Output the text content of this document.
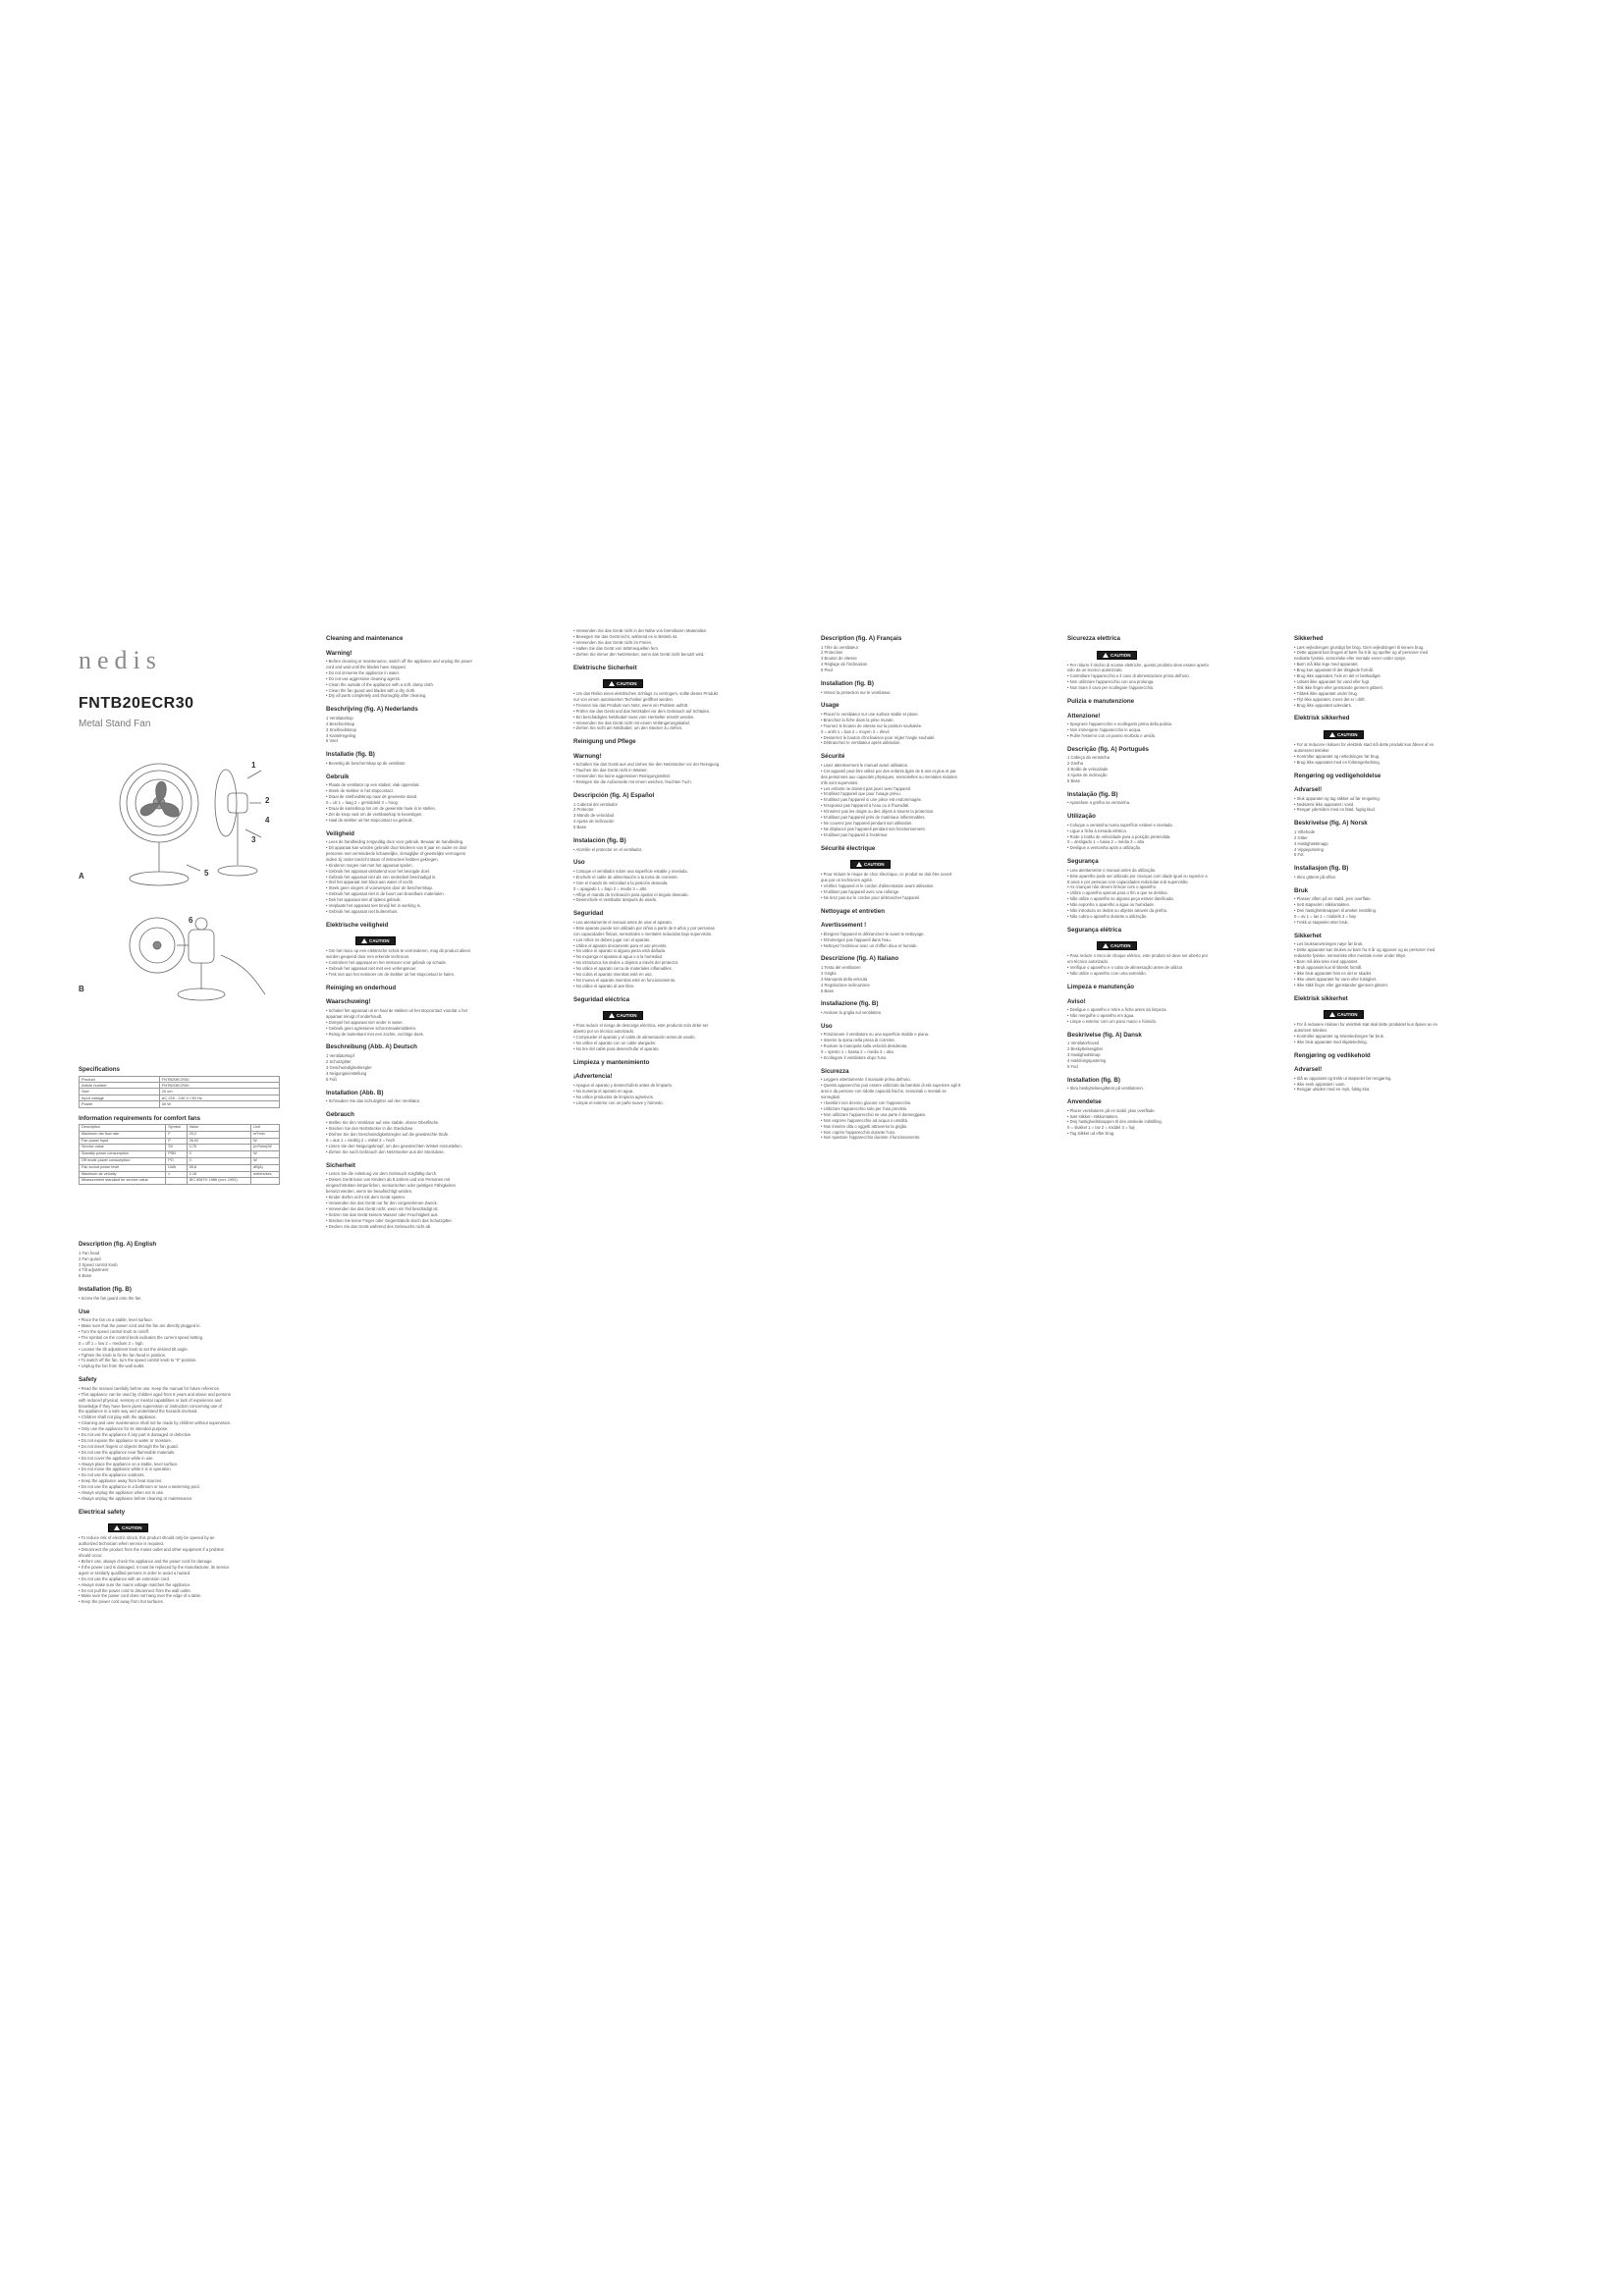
nedis
FNTB20ECR30
Metal Stand Fan
1
2
3
4
5
6
A
B
Specifications
Product	FNTB20ECR30
Article number	FNTB20ECR30
Size	20 cm
Input voltage	AC 220 - 240 V / 50 Hz
Power	30 W
Information requirements for comfort fans
Description	Symbol	Value	Unit
Maximum fan flow rate	F	20,2	m³/min
Fan power input	P	26,92	W
Service value	SV	0,75	(m³/min)/W
Standby power consumption	PSB	0	W
Off mode power consumption	PO	0	W
Fan sound power level	LWA	55,8	dB(A)
Maximum air velocity	c	2,18	meters/sec
Measurement standard for service value		IEC 60879: 1986 (corr. 1992)	
Description (fig. A) English

1 Fan head

2 Fan guard

3 Speed control knob

4 Tilt adjustment

5 Base

Installation (fig. B)

• Screw the fan guard onto the fan.

Use

• Place the fan on a stable, level surface.

• Make sure that the power cord and the fan are directly plugged in.

• Turn the speed control knob to on/off.

• The symbol on the control knob indicates the current speed setting.

0 = off 1 = low 2 = medium 3 = high

• Loosen the tilt adjustment knob to set the desired tilt angle.

• Tighten the knob to fix the fan head in position.

• To switch off the fan, turn the speed control knob to "0" position.

• Unplug the fan from the wall outlet.

Safety

• Read the manual carefully before use. Keep the manual for future reference.

• This appliance can be used by children aged from 8 years and above and persons

with reduced physical, sensory or mental capabilities or lack of experience and

knowledge if they have been given supervision or instruction concerning use of

the appliance in a safe way and understand the hazards involved.

• Children shall not play with the appliance.

• Cleaning and user maintenance shall not be made by children without supervision.

• Only use the appliance for its intended purpose.

• Do not use the appliance if any part is damaged or defective.

• Do not expose the appliance to water or moisture.

• Do not insert fingers or objects through the fan guard.

• Do not use the appliance near flammable materials.

• Do not cover the appliance while in use.

• Always place the appliance on a stable, level surface.

• Do not move the appliance while it is in operation.

• Do not use the appliance outdoors.

• Keep the appliance away from heat sources.

• Do not use the appliance in a bathroom or near a swimming pool.

• Always unplug the appliance when not in use.

• Always unplug the appliance before cleaning or maintenance.

Electrical safety
CAUTION

• To reduce risk of electric shock, this product should only be opened by an

authorized technician when service is required.

• Disconnect the product from the mains outlet and other equipment if a problem

should occur.

• Before use, always check the appliance and the power cord for damage.

• If the power cord is damaged, it must be replaced by the manufacturer, its service

agent or similarly qualified persons in order to avoid a hazard.

• Do not use the appliance with an extension cord.

• Always make sure the mains voltage matches the appliance.

• Do not pull the power cord to disconnect from the wall outlet.

• Make sure the power cord does not hang over the edge of a table.

• Keep the power cord away from hot surfaces.

Cleaning and maintenance
Warning!

• Before cleaning or maintenance, switch off the appliance and unplug the power

cord and wait until the blades have stopped.

• Do not immerse the appliance in water.

• Do not use aggressive cleaning agents.

• Clean the outside of the appliance with a soft, damp cloth.

• Clean the fan guard and blades with a dry cloth.

• Dry all parts completely and thoroughly after cleaning.

Beschrijving (fig. A) Nederlands

1 Ventilatorkop

2 Beschermkap

3 Snelheidsknop

4 Kantelregeling

5 Voet

Installatie (fig. B)

• Bevestig de beschermkap op de ventilator.

Gebruik

• Plaats de ventilator op een stabiel, vlak oppervlak.

• Steek de stekker in het stopcontact.

• Draai de snelheidsknop naar de gewenste stand.

0 = uit 1 = laag 2 = gemiddeld 3 = hoog

• Draai de kantelknop los om de gewenste hoek in te stellen.

• Zet de knop vast om de ventilatorkop te bevestigen.

• Haal de stekker uit het stopcontact na gebruik.

Veiligheid

• Lees de handleiding zorgvuldig door voor gebruik. Bewaar de handleiding.

• Dit apparaat kan worden gebruikt door kinderen van 8 jaar en ouder en door

personen met verminderde lichamelijke, zintuiglijke of geestelijke vermogens

indien zij onder toezicht staan of instructies hebben gekregen.

• Kinderen mogen niet met het apparaat spelen.

• Gebruik het apparaat uitsluitend voor het beoogde doel.

• Gebruik het apparaat niet als een onderdeel beschadigd is.

• Stel het apparaat niet bloot aan water of vocht.

• Steek geen vingers of voorwerpen door de beschermkap.

• Gebruik het apparaat niet in de buurt van brandbare materialen.

• Dek het apparaat niet af tijdens gebruik.

• Verplaats het apparaat niet terwijl het in werking is.

• Gebruik het apparaat niet buitenshuis.

Elektrische veiligheid
CAUTION

• Om het risico op een elektrische schok te verminderen, mag dit product alleen

worden geopend door een erkende technicus.

• Controleer het apparaat en het netsnoer voor gebruik op schade.

• Gebruik het apparaat niet met een verlengsnoer.

• Trek niet aan het netsnoer om de stekker uit het stopcontact te halen.

Reiniging en onderhoud
Waarschuwing!

• Schakel het apparaat uit en haal de stekker uit het stopcontact voordat u het

apparaat reinigt of onderhoudt.

• Dompel het apparaat niet onder in water.

• Gebruik geen agressieve schoonmaakmiddelen.

• Reinig de buitenkant met een zachte, vochtige doek.

Beschreibung (Abb. A) Deutsch

1 Ventilatorkopf

2 Schutzgitter

3 Geschwindigkeitsregler

4 Neigungseinstellung

5 Fuß

Installation (Abb. B)

• Schrauben Sie das Schutzgitter auf den Ventilator.

Gebrauch

• Stellen Sie den Ventilator auf eine stabile, ebene Oberfläche.

• Stecken Sie den Netzstecker in die Steckdose.

• Drehen Sie den Geschwindigkeitsregler auf die gewünschte Stufe.

0 = aus 1 = niedrig 2 = mittel 3 = hoch

• Lösen Sie den Neigungsknopf, um den gewünschten Winkel einzustellen.

• Ziehen Sie nach Gebrauch den Netzstecker aus der Steckdose.

Sicherheit

• Lesen Sie die Anleitung vor dem Gebrauch sorgfältig durch.

• Dieses Gerät kann von Kindern ab 8 Jahren und von Personen mit

eingeschränkten körperlichen, sensorischen oder geistigen Fähigkeiten

benutzt werden, wenn sie beaufsichtigt werden.

• Kinder dürfen nicht mit dem Gerät spielen.

• Verwenden Sie das Gerät nur für den vorgesehenen Zweck.

• Verwenden Sie das Gerät nicht, wenn ein Teil beschädigt ist.

• Setzen Sie das Gerät keinem Wasser oder Feuchtigkeit aus.

• Stecken Sie keine Finger oder Gegenstände durch das Schutzgitter.

• Decken Sie das Gerät während des Gebrauchs nicht ab.

• Verwenden Sie das Gerät nicht in der Nähe von brennbaren Materialien.

• Bewegen Sie das Gerät nicht, während es in Betrieb ist.

• Verwenden Sie das Gerät nicht im Freien.

• Halten Sie das Gerät von Wärmequellen fern.

• Ziehen Sie immer den Netzstecker, wenn das Gerät nicht benutzt wird.

Elektrische Sicherheit
CAUTION

• Um das Risiko eines elektrischen Schlags zu verringern, sollte dieses Produkt

nur von einem autorisierten Techniker geöffnet werden.

• Trennen Sie das Produkt vom Netz, wenn ein Problem auftritt.

• Prüfen Sie das Gerät und das Netzkabel vor dem Gebrauch auf Schäden.

• Ein beschädigtes Netzkabel muss vom Hersteller ersetzt werden.

• Verwenden Sie das Gerät nicht mit einem Verlängerungskabel.

• Ziehen Sie nicht am Netzkabel, um den Stecker zu ziehen.

Reinigung und Pflege
Warnung!

• Schalten Sie das Gerät aus und ziehen Sie den Netzstecker vor der Reinigung.

• Tauchen Sie das Gerät nicht in Wasser.

• Verwenden Sie keine aggressiven Reinigungsmittel.

• Reinigen Sie die Außenseite mit einem weichen, feuchten Tuch.

Descripción (fig. A) Español

1 Cabezal del ventilador

2 Protector

3 Mando de velocidad

4 Ajuste de inclinación

5 Base

Instalación (fig. B)

• Atornille el protector en el ventilador.

Uso

• Coloque el ventilador sobre una superficie estable y nivelada.

• Enchufe el cable de alimentación a la toma de corriente.

• Gire el mando de velocidad a la posición deseada.

0 = apagado 1 = bajo 2 = medio 3 = alto

• Afloje el mando de inclinación para ajustar el ángulo deseado.

• Desenchufe el ventilador después de usarlo.

Seguridad

• Lea atentamente el manual antes de usar el aparato.

• Este aparato puede ser utilizado por niños a partir de 8 años y por personas

con capacidades físicas, sensoriales o mentales reducidas bajo supervisión.

• Los niños no deben jugar con el aparato.

• Utilice el aparato únicamente para el uso previsto.

• No utilice el aparato si alguna pieza está dañada.

• No exponga el aparato al agua o a la humedad.

• No introduzca los dedos u objetos a través del protector.

• No utilice el aparato cerca de materiales inflamables.

• No cubra el aparato mientras esté en uso.

• No mueva el aparato mientras esté en funcionamiento.

• No utilice el aparato al aire libre.

Seguridad eléctrica
CAUTION

• Para reducir el riesgo de descarga eléctrica, este producto solo debe ser

abierto por un técnico autorizado.

• Compruebe el aparato y el cable de alimentación antes de usarlo.

• No utilice el aparato con un cable alargador.

• No tire del cable para desenchufar el aparato.

Limpieza y mantenimiento
¡Advertencia!

• Apague el aparato y desenchúfelo antes de limpiarlo.

• No sumerja el aparato en agua.

• No utilice productos de limpieza agresivos.

• Limpie el exterior con un paño suave y húmedo.

Description (fig. A) Français

1 Tête du ventilateur

2 Protection

3 Bouton de vitesse

4 Réglage de l'inclinaison

5 Pied

Installation (fig. B)

• Vissez la protection sur le ventilateur.

Usage

• Placez le ventilateur sur une surface stable et plane.

• Branchez la fiche dans la prise murale.

• Tournez le bouton de vitesse sur la position souhaitée.

0 = arrêt 1 = bas 2 = moyen 3 = élevé

• Desserrez le bouton d'inclinaison pour régler l'angle souhaité.

• Débranchez le ventilateur après utilisation.

Sécurité

• Lisez attentivement le manuel avant utilisation.

• Cet appareil peut être utilisé par des enfants âgés de 8 ans et plus et par

des personnes aux capacités physiques, sensorielles ou mentales réduites

s'ils sont supervisés.

• Les enfants ne doivent pas jouer avec l'appareil.

• N'utilisez l'appareil que pour l'usage prévu.

• N'utilisez pas l'appareil si une pièce est endommagée.

• N'exposez pas l'appareil à l'eau ou à l'humidité.

• N'insérez pas les doigts ou des objets à travers la protection.

• N'utilisez pas l'appareil près de matériaux inflammables.

• Ne couvrez pas l'appareil pendant son utilisation.

• Ne déplacez pas l'appareil pendant son fonctionnement.

• N'utilisez pas l'appareil à l'extérieur.

Sécurité électrique
CAUTION

• Pour réduire le risque de choc électrique, ce produit ne doit être ouvert

que par un technicien agréé.

• Vérifiez l'appareil et le cordon d'alimentation avant utilisation.

• N'utilisez pas l'appareil avec une rallonge.

• Ne tirez pas sur le cordon pour débrancher l'appareil.

Nettoyage et entretien
Avertissement !

• Éteignez l'appareil et débranchez-le avant le nettoyage.

• N'immergez pas l'appareil dans l'eau.

• Nettoyez l'extérieur avec un chiffon doux et humide.

Descrizione (fig. A) Italiano

1 Testa del ventilatore

2 Griglia

3 Manopola della velocità

4 Regolazione inclinazione

5 Base

Installazione (fig. B)

• Avvitare la griglia sul ventilatore.

Uso

• Posizionare il ventilatore su una superficie stabile e piana.

• Inserire la spina nella presa di corrente.

• Ruotare la manopola sulla velocità desiderata.

0 = spento 1 = bassa 2 = media 3 = alta

• Scollegare il ventilatore dopo l'uso.

Sicurezza

• Leggere attentamente il manuale prima dell'uso.

• Questo apparecchio può essere utilizzato da bambini di età superiore agli 8

anni e da persone con ridotte capacità fisiche, sensoriali o mentali se

sorvegliati.

• I bambini non devono giocare con l'apparecchio.

• Utilizzare l'apparecchio solo per l'uso previsto.

• Non utilizzare l'apparecchio se una parte è danneggiata.

• Non esporre l'apparecchio ad acqua o umidità.

• Non inserire dita o oggetti attraverso la griglia.

• Non coprire l'apparecchio durante l'uso.

• Non spostare l'apparecchio durante il funzionamento.

Sicurezza elettrica
CAUTION

• Per ridurre il rischio di scosse elettriche, questo prodotto deve essere aperto

solo da un tecnico autorizzato.

• Controllare l'apparecchio e il cavo di alimentazione prima dell'uso.

• Non utilizzare l'apparecchio con una prolunga.

• Non tirare il cavo per scollegare l'apparecchio.

Pulizia e manutenzione
Attenzione!

• Spegnere l'apparecchio e scollegarlo prima della pulizia.

• Non immergere l'apparecchio in acqua.

• Pulire l'esterno con un panno morbido e umido.

Descrição (fig. A) Português

1 Cabeça da ventoinha

2 Grelha

3 Botão de velocidade

4 Ajuste de inclinação

5 Base

Instalação (fig. B)

• Aparafuse a grelha na ventoinha.

Utilização

• Coloque a ventoinha numa superfície estável e nivelada.

• Ligue a ficha à tomada elétrica.

• Rode o botão de velocidade para a posição pretendida.

0 = desligado 1 = baixa 2 = média 3 = alta

• Desligue a ventoinha após a utilização.

Segurança

• Leia atentamente o manual antes da utilização.

• Este aparelho pode ser utilizado por crianças com idade igual ou superior a

8 anos e por pessoas com capacidades reduzidas sob supervisão.

• As crianças não devem brincar com o aparelho.

• Utilize o aparelho apenas para o fim a que se destina.

• Não utilize o aparelho se alguma peça estiver danificada.

• Não exponha o aparelho a água ou humidade.

• Não introduza os dedos ou objetos através da grelha.

• Não cubra o aparelho durante a utilização.

Segurança elétrica
CAUTION

• Para reduzir o risco de choque elétrico, este produto só deve ser aberto por

um técnico autorizado.

• Verifique o aparelho e o cabo de alimentação antes de utilizar.

• Não utilize o aparelho com uma extensão.

Limpeza e manutenção
Aviso!

• Desligue o aparelho e retire a ficha antes da limpeza.

• Não mergulhe o aparelho em água.

• Limpe o exterior com um pano macio e húmido.

Beskrivelse (fig. A) Dansk

1 Ventilatorhoved

2 Beskyttelsesgitter

3 Hastighedsknap

4 Hældningsjustering

5 Fod

Installation (fig. B)

• Skru beskyttelsesgitteret på ventilatoren.

Anvendelse

• Placer ventilatoren på en stabil, plan overflade.

• Sæt stikket i stikkontakten.

• Drej hastighedsknappen til den ønskede indstilling.

0 = slukket 1 = lav 2 = middel 3 = høj

• Tag stikket ud efter brug.

Sikkerhed

• Læs vejledningen grundigt før brug. Gem vejledningen til senere brug.

• Dette apparat kan bruges af børn fra 8 år og opefter og af personer med

nedsatte fysiske, sensoriske eller mentale evner under opsyn.

• Børn må ikke lege med apparatet.

• Brug kun apparatet til det tilsigtede formål.

• Brug ikke apparatet, hvis en del er beskadiget.

• Udsæt ikke apparatet for vand eller fugt.

• Stik ikke fingre eller genstande gennem gitteret.

• Tildæk ikke apparatet under brug.

• Flyt ikke apparatet, mens det er i drift.

• Brug ikke apparatet udendørs.

Elektrisk sikkerhed
CAUTION

• For at reducere risikoen for elektrisk stød må dette produkt kun åbnes af en

autoriseret tekniker.

• Kontroller apparatet og netledningen før brug.

• Brug ikke apparatet med en forlængerledning.

Rengøring og vedligeholdelse
Advarsel!

• Sluk apparatet og tag stikket ud før rengøring.

• Nedsænk ikke apparatet i vand.

• Rengør ydersiden med en blød, fugtig klud.

Beskrivelse (fig. A) Norsk

1 Viftehode

2 Gitter

3 Hastighetsknapp

4 Vippejustering

5 Fot

Installasjon (fig. B)

• Skru gitteret på viften.

Bruk

• Plasser viften på en stabil, jevn overflate.

• Sett støpselet i stikkontakten.

• Drei hastighetsknappen til ønsket innstilling.

0 = av 1 = lav 2 = middels 3 = høy

• Trekk ut støpselet etter bruk.

Sikkerhet

• Les bruksanvisningen nøye før bruk.

• Dette apparatet kan brukes av barn fra 8 år og oppover og av personer med

reduserte fysiske, sensoriske eller mentale evner under tilsyn.

• Barn må ikke leke med apparatet.

• Bruk apparatet kun til tiltenkt formål.

• Ikke bruk apparatet hvis en del er skadet.

• Ikke utsett apparatet for vann eller fuktighet.

• Ikke stikk fingre eller gjenstander gjennom gitteret.

Elektrisk sikkerhet
CAUTION

• For å redusere risikoen for elektrisk støt skal dette produktet kun åpnes av en

autorisert tekniker.

• Kontroller apparatet og strømledningen før bruk.

• Ikke bruk apparatet med skjøteledning.

Rengjøring og vedlikehold
Advarsel!

• Slå av apparatet og trekk ut støpselet før rengjøring.

• Ikke senk apparatet i vann.

• Rengjør utsiden med en myk, fuktig klut.
